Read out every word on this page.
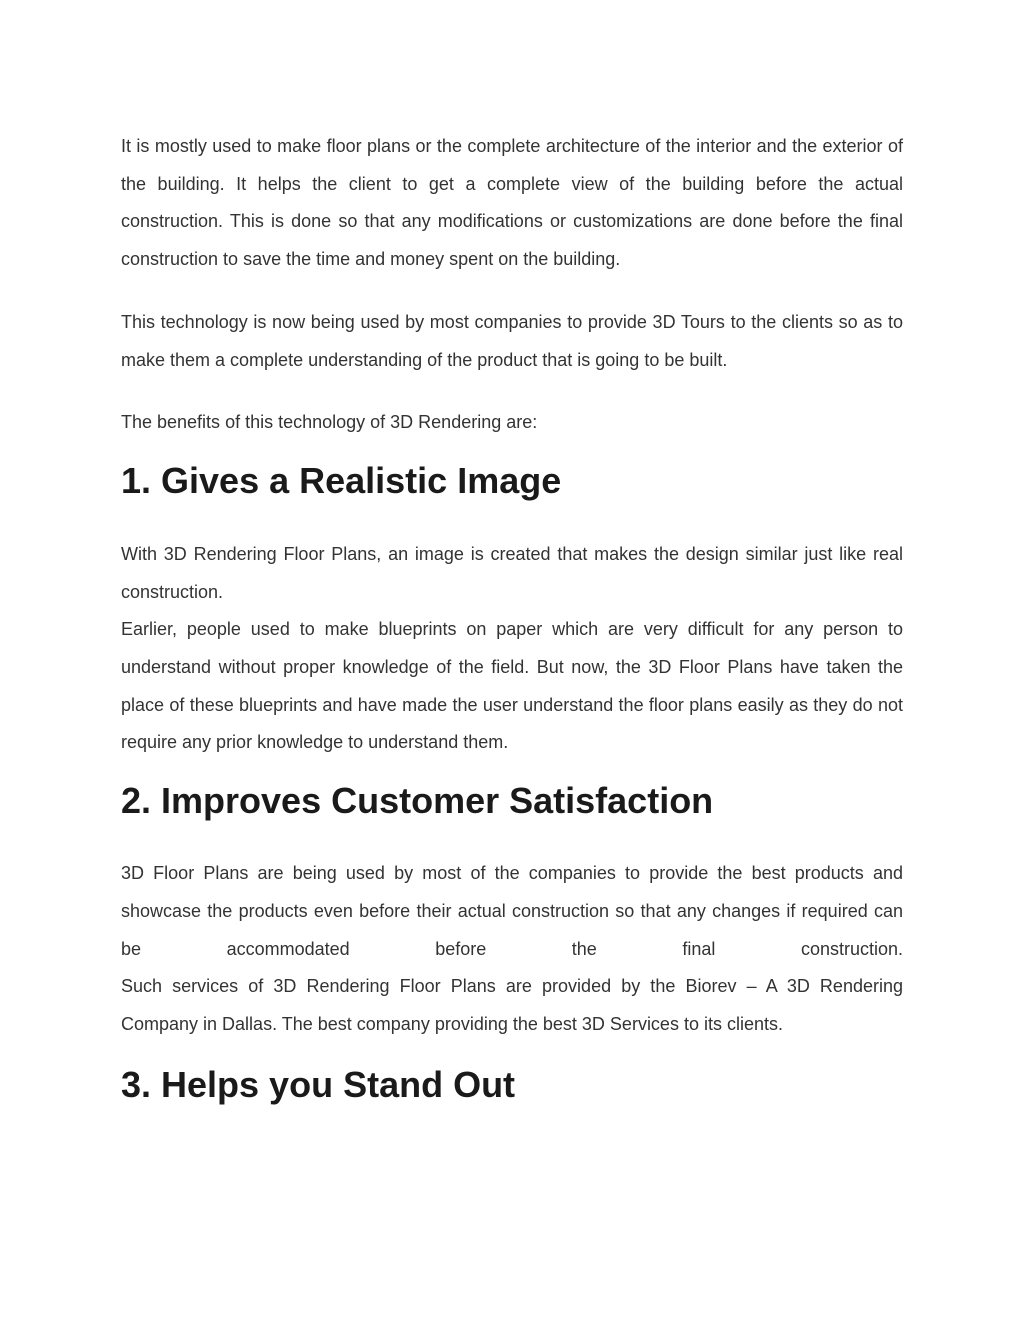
It is mostly used to make floor plans or the complete architecture of the interior and the exterior of the building. It helps the client to get a complete view of the building before the actual construction. This is done so that any modifications or customizations are done before the final construction to save the time and money spent on the building.

This technology is now being used by most companies to provide 3D Tours to the clients so as to make them a complete understanding of the product that is going to be built.

The benefits of this technology of 3D Rendering are:

1. Gives a Realistic Image

With 3D Rendering Floor Plans, an image is created that makes the design similar just like real construction.
Earlier, people used to make blueprints on paper which are very difficult for any person to understand without proper knowledge of the field. But now, the 3D Floor Plans have taken the place of these blueprints and have made the user understand the floor plans easily as they do not require any prior knowledge to understand them.

2. Improves Customer Satisfaction

3D Floor Plans are being used by most of the companies to provide the best products and showcase the products even before their actual construction so that any changes if required can be accommodated before the final construction.
Such services of 3D Rendering Floor Plans are provided by the Biorev – A 3D Rendering Company in Dallas. The best company providing the best 3D Services to its clients.

3. Helps you Stand Out
